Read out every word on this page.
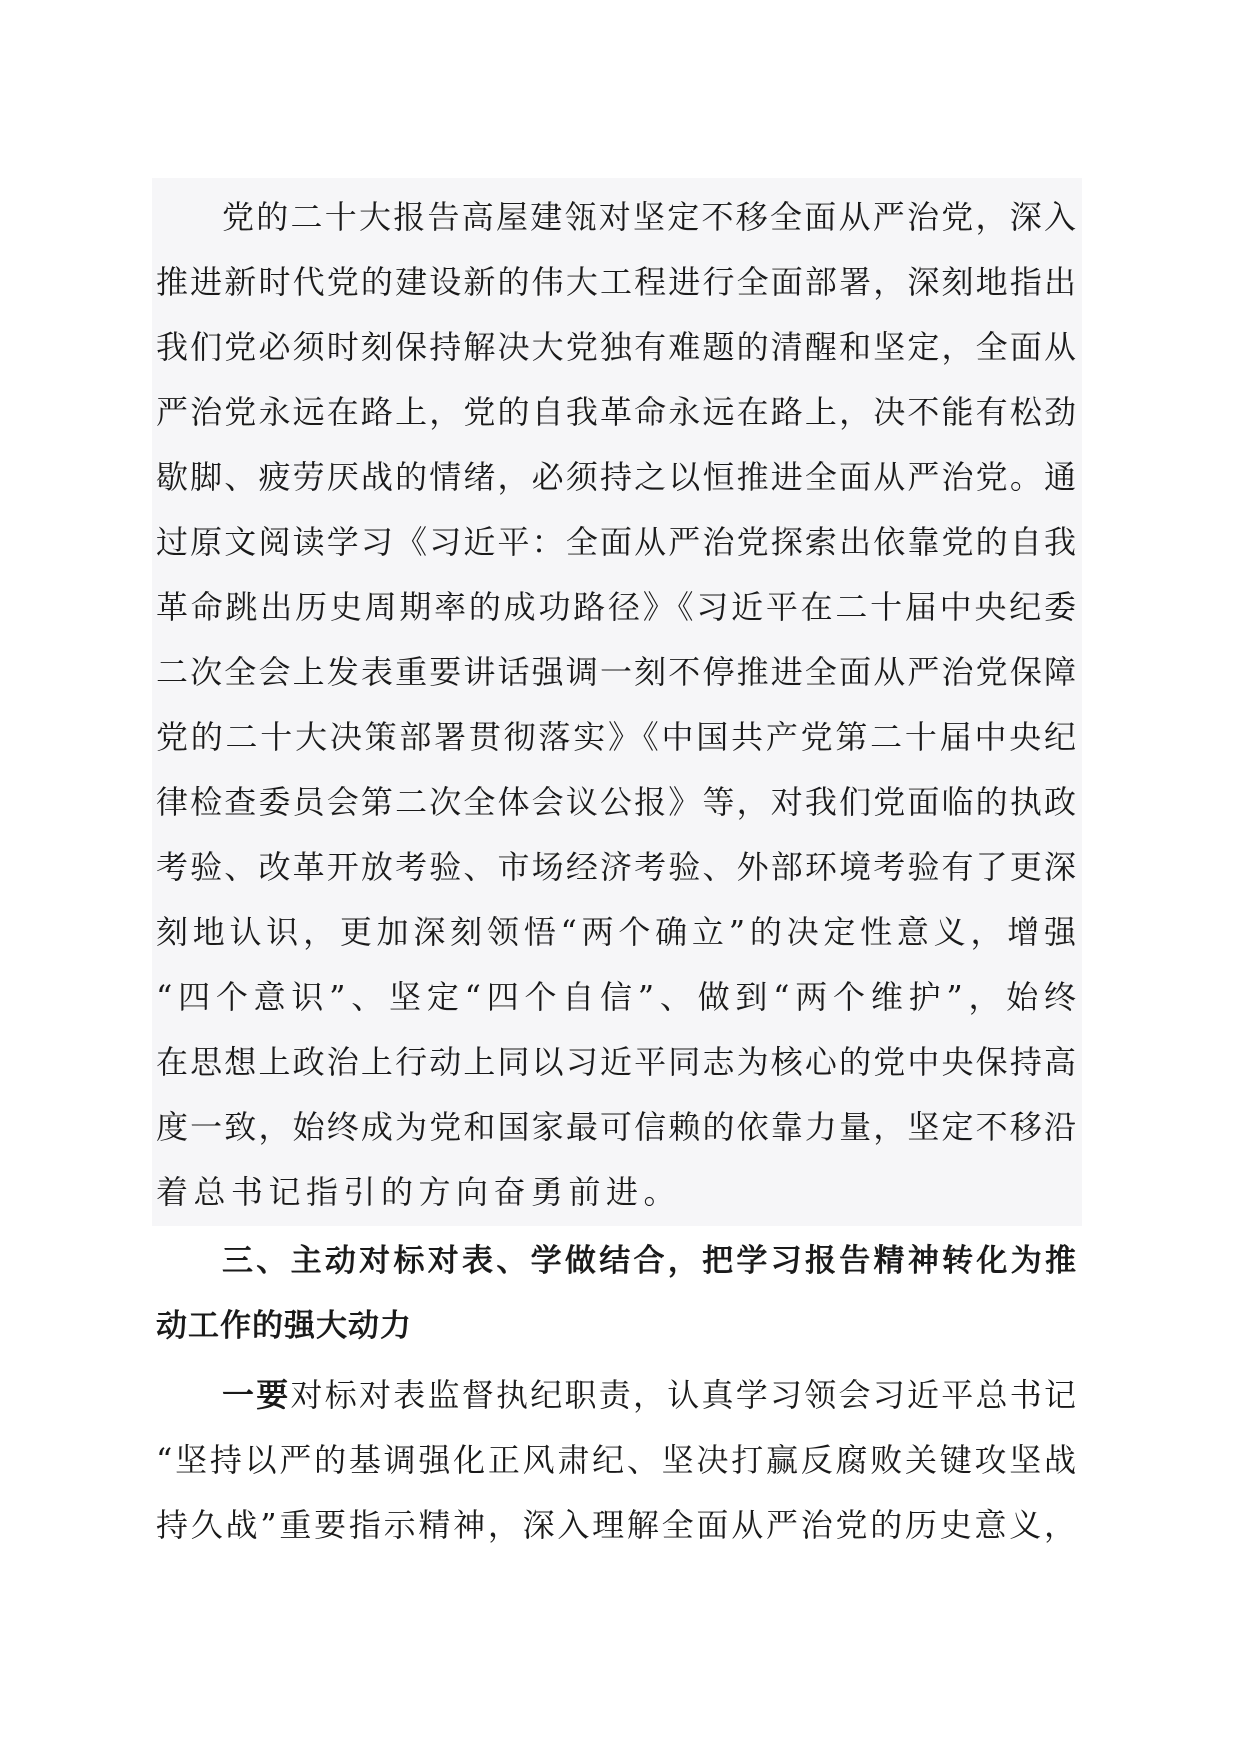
党的二十大报告高屋建瓴对坚定不移全面从严治党，深入
推进新时代党的建设新的伟大工程进行全面部署，深刻地指出
我们党必须时刻保持解决大党独有难题的清醒和坚定，全面从
严治党永远在路上，党的自我革命永远在路上，决不能有松劲
歇脚、疲劳厌战的情绪，必须持之以恒推进全面从严治党。通
过原文阅读学习《习近平：全面从严治党探索出依靠党的自我
革命跳出历史周期率的成功路径》《习近平在二十届中央纪委
二次全会上发表重要讲话强调一刻不停推进全面从严治党保障
党的二十大决策部署贯彻落实》《中国共产党第二十届中央纪
律检查委员会第二次全体会议公报》等，对我们党面临的执政
考验、改革开放考验、市场经济考验、外部环境考验有了更深
刻地认识，更加深刻领悟“两个确立”的决定性意义，增强
“四个意识”、坚定“四个自信”、做到“两个维护”，始终
在思想上政治上行动上同以习近平同志为核心的党中央保持高
度一致，始终成为党和国家最可信赖的依靠力量，坚定不移沿
着总书记指引的方向奋勇前进。
三、主动对标对表、学做结合，把学习报告精神转化为推
动工作的强大动力
一要对标对表监督执纪职责，认真学习领会习近平总书记
“坚持以严的基调强化正风肃纪、坚决打赢反腐败关键攻坚战
持久战”重要指示精神，深入理解全面从严治党的历史意义，
